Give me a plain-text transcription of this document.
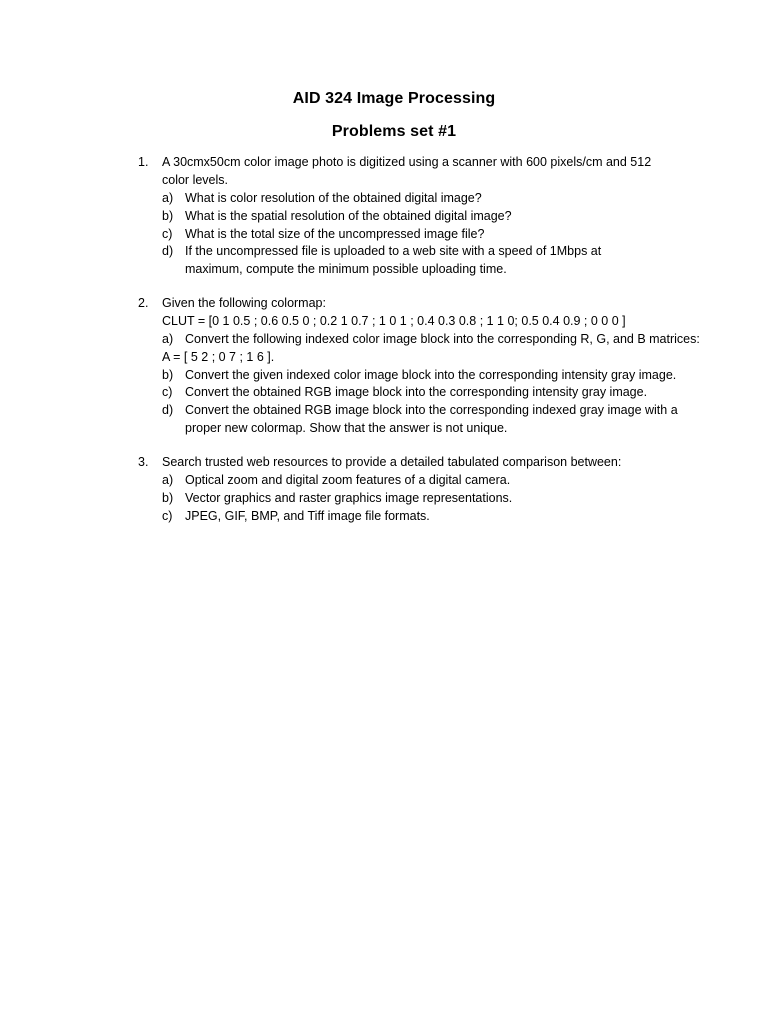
AID 324 Image Processing
Problems set #1
1. A 30cmx50cm color image photo is digitized using a scanner with 600 pixels/cm and 512
color levels.
a) What is color resolution of the obtained digital image?
b) What is the spatial resolution of the obtained digital image?
c) What is the total size of the uncompressed image file?
d) If the uncompressed file is uploaded to a web site with a speed of 1Mbps at
maximum, compute the minimum possible uploading time.
2. Given the following colormap:
CLUT = [0 1 0.5 ; 0.6 0.5 0 ; 0.2 1 0.7 ; 1 0 1 ; 0.4 0.3 0.8 ; 1 1 0; 0.5 0.4 0.9 ; 0 0 0 ]
a) Convert the following indexed color image block into the corresponding R, G, and B matrices:
A = [ 5 2 ; 0 7 ; 1 6 ].
b) Convert the given indexed color image block into the corresponding intensity gray image.
c) Convert the obtained RGB image block into the corresponding intensity gray image.
d) Convert the obtained RGB image block into the corresponding indexed gray image with a
proper new colormap. Show that the answer is not unique.
3. Search trusted web resources to provide a detailed tabulated comparison between:
a) Optical zoom and digital zoom features of a digital camera.
b) Vector graphics and raster graphics image representations.
c) JPEG, GIF, BMP, and Tiff image file formats.
